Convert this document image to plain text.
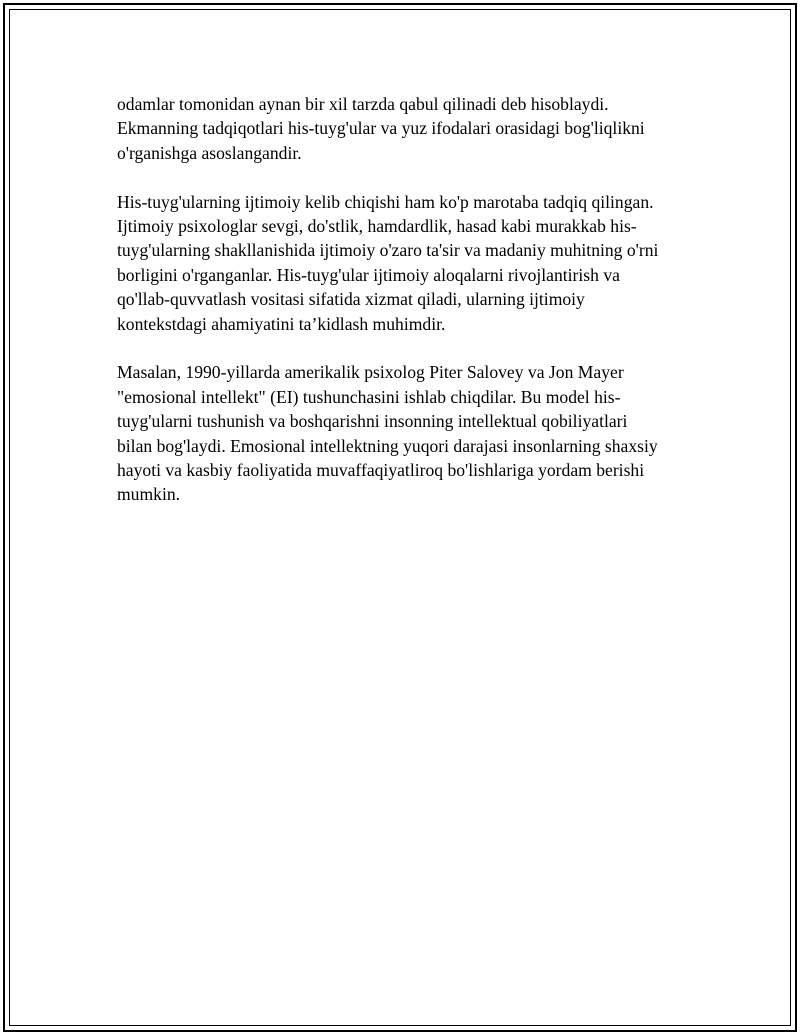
odamlar tomonidan aynan bir xil tarzda qabul qilinadi deb hisoblaydi.
Ekmanning tadqiqotlari his-tuyg'ular va yuz ifodalari orasidagi bog'liqlikni
o'rganishga asoslangandir.

His-tuyg'ularning ijtimoiy kelib chiqishi ham ko'p marotaba tadqiq qilingan.
Ijtimoiy psixologlar sevgi, do'stlik, hamdardlik, hasad kabi murakkab his-
tuyg'ularning shakllanishida ijtimoiy o'zaro ta'sir va madaniy muhitning o'rni
borligini o'rganganlar. His-tuyg'ular ijtimoiy aloqalarni rivojlantirish va
qo'llab-quvvatlash vositasi sifatida xizmat qiladi, ularning ijtimoiy
kontekstdagi ahamiyatini ta’kidlash muhimdir.

Masalan, 1990-yillarda amerikalik psixolog Piter Salovey va Jon Mayer
"emosional intellekt" (EI) tushunchasini ishlab chiqdilar. Bu model his-
tuyg'ularni tushunish va boshqarishni insonning intellektual qobiliyatlari
bilan bog'laydi. Emosional intellektning yuqori darajasi insonlarning shaxsiy
hayoti va kasbiy faoliyatida muvaffaqiyatliroq bo'lishlariga yordam berishi
mumkin.
